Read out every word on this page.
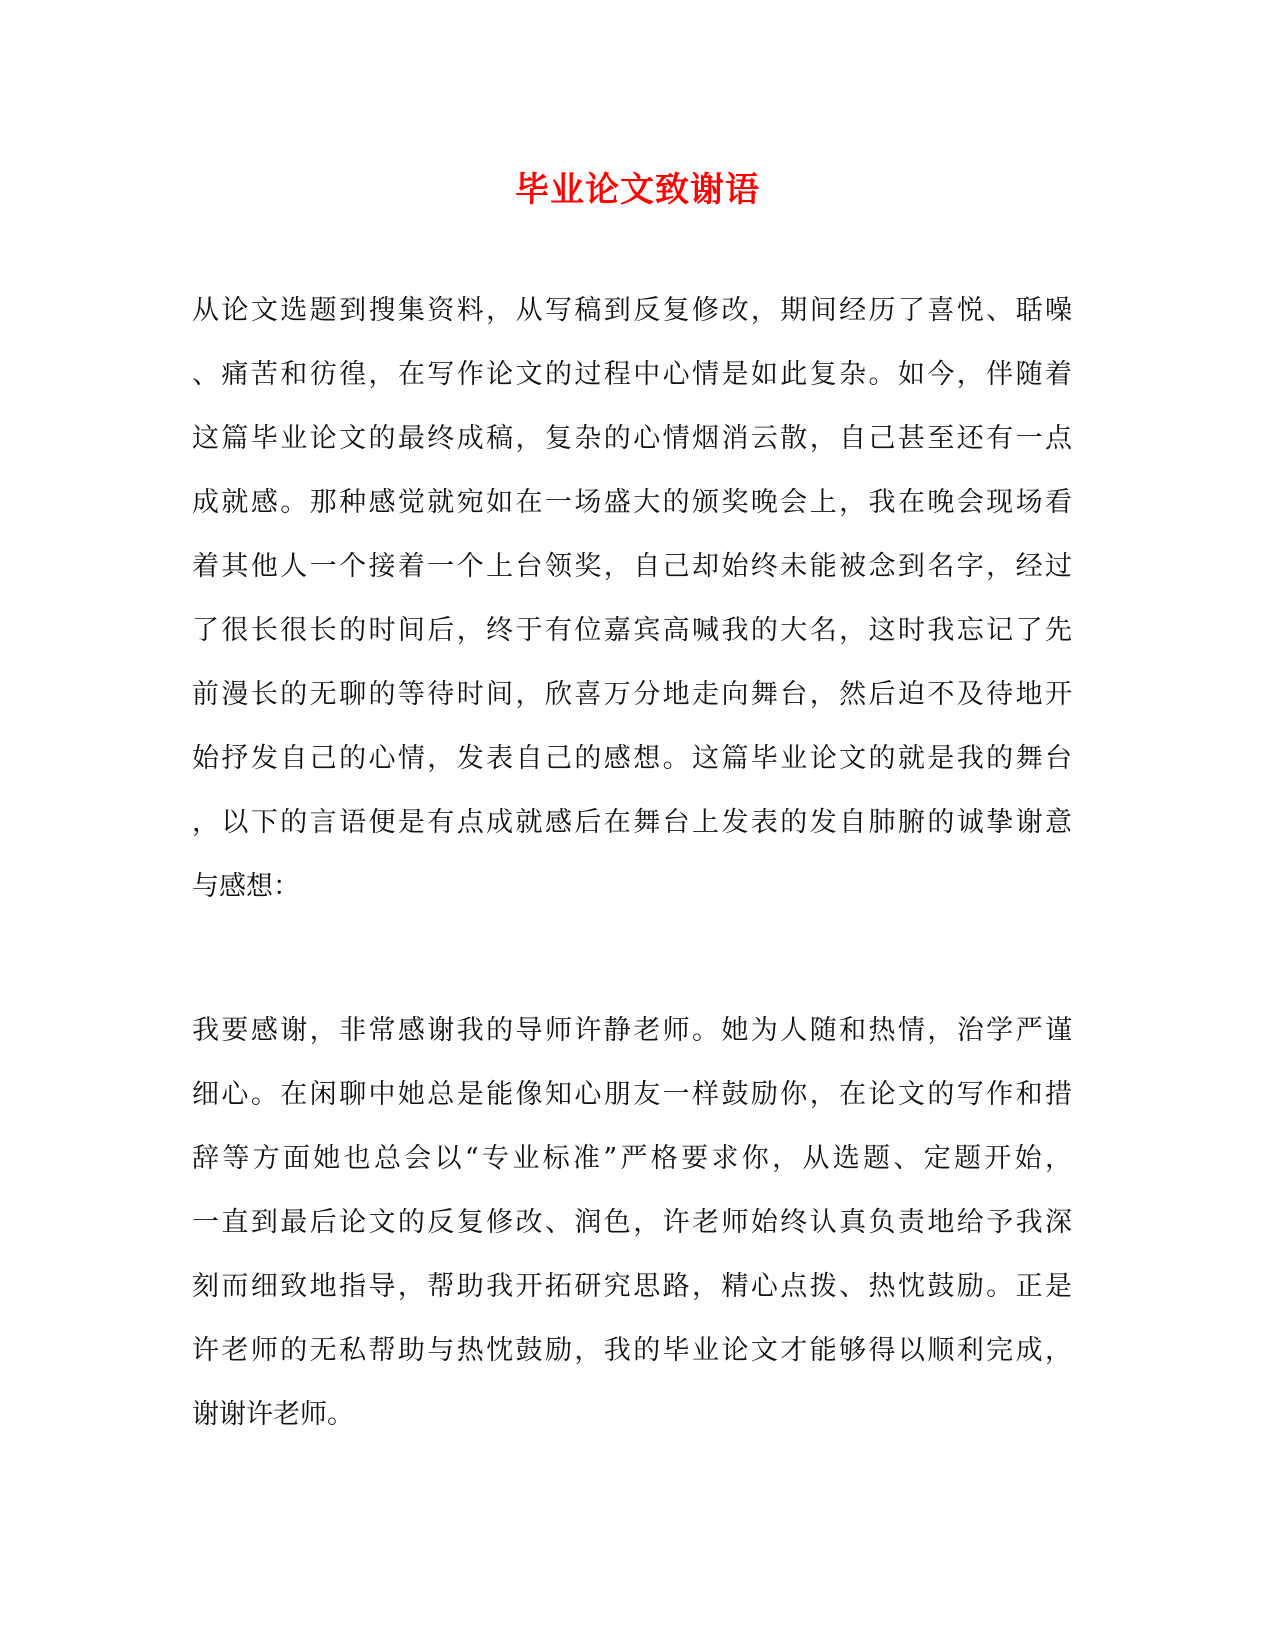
毕业论文致谢语
从论文选题到搜集资料，从写稿到反复修改，期间经历了喜悦、聒噪
、痛苦和彷徨，在写作论文的过程中心情是如此复杂。如今，伴随着
这篇毕业论文的最终成稿，复杂的心情烟消云散，自己甚至还有一点
成就感。那种感觉就宛如在一场盛大的颁奖晚会上，我在晚会现场看
着其他人一个接着一个上台领奖，自己却始终未能被念到名字，经过
了很长很长的时间后，终于有位嘉宾高喊我的大名，这时我忘记了先
前漫长的无聊的等待时间，欣喜万分地走向舞台，然后迫不及待地开
始抒发自己的心情，发表自己的感想。这篇毕业论文的就是我的舞台
，以下的言语便是有点成就感后在舞台上发表的发自肺腑的诚挚谢意
与感想：
我要感谢，非常感谢我的导师许静老师。她为人随和热情，治学严谨
细心。在闲聊中她总是能像知心朋友一样鼓励你，在论文的写作和措
辞等方面她也总会以“专业标准”严格要求你，从选题、定题开始，
一直到最后论文的反复修改、润色，许老师始终认真负责地给予我深
刻而细致地指导，帮助我开拓研究思路，精心点拨、热忱鼓励。正是
许老师的无私帮助与热忱鼓励，我的毕业论文才能够得以顺利完成，
谢谢许老师。
